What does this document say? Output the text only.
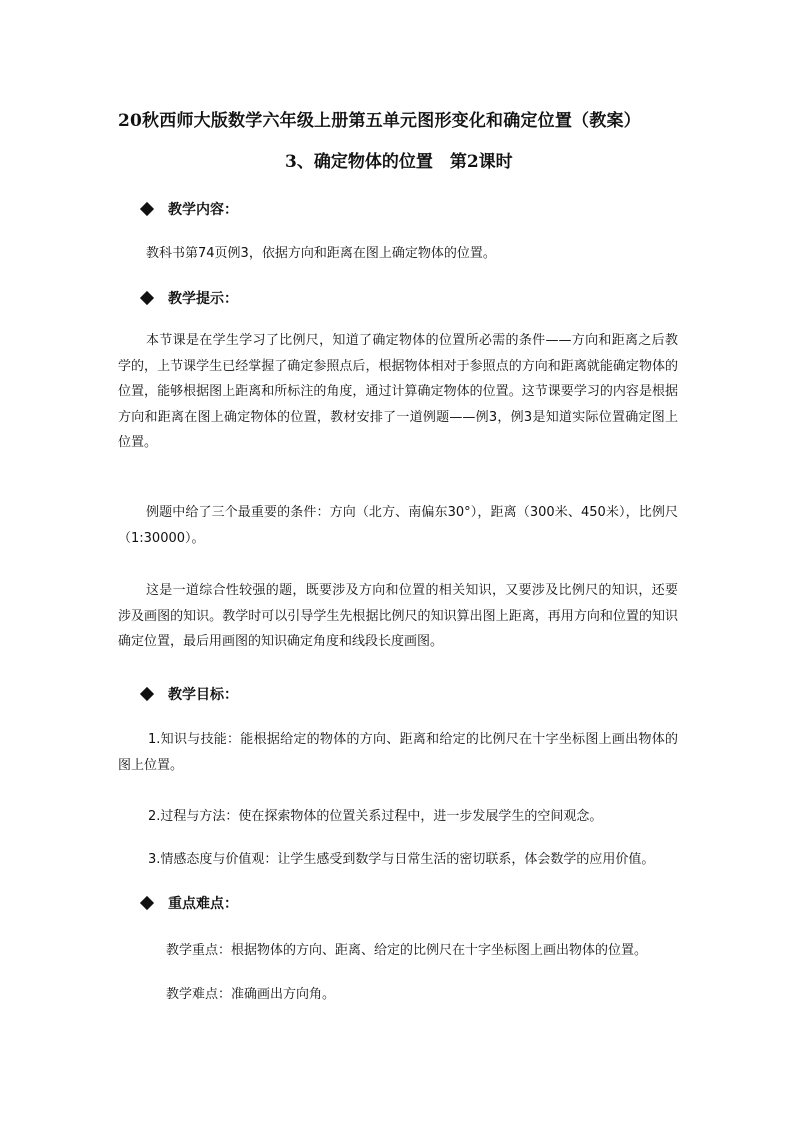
20秋西师大版数学六年级上册第五单元图形变化和确定位置（教案）
3、确定物体的位置　第2课时
教学内容：
教科书第74页例3，依据方向和距离在图上确定物体的位置。
教学提示：
本节课是在学生学习了比例尺，知道了确定物体的位置所必需的条件——方向和距离之后教学的，上节课学生已经掌握了确定参照点后，根据物体相对于参照点的方向和距离就能确定物体的位置，能够根据图上距离和所标注的角度，通过计算确定物体的位置。这节课要学习的内容是根据方向和距离在图上确定物体的位置，教材安排了一道例题——例3，例3是知道实际位置确定图上位置。
例题中给了三个最重要的条件：方向（北方、南偏东30°），距离（300米、450米），比例尺（1:30000）。
这是一道综合性较强的题，既要涉及方向和位置的相关知识，又要涉及比例尺的知识，还要涉及画图的知识。教学时可以引导学生先根据比例尺的知识算出图上距离，再用方向和位置的知识确定位置，最后用画图的知识确定角度和线段长度画图。
教学目标：
1.知识与技能：能根据给定的物体的方向、距离和给定的比例尺在十字坐标图上画出物体的图上位置。
2.过程与方法：使在探索物体的位置关系过程中，进一步发展学生的空间观念。
3.情感态度与价值观：让学生感受到数学与日常生活的密切联系，体会数学的应用价值。
重点难点：
教学重点：根据物体的方向、距离、给定的比例尺在十字坐标图上画出物体的位置。
教学难点：准确画出方向角。
